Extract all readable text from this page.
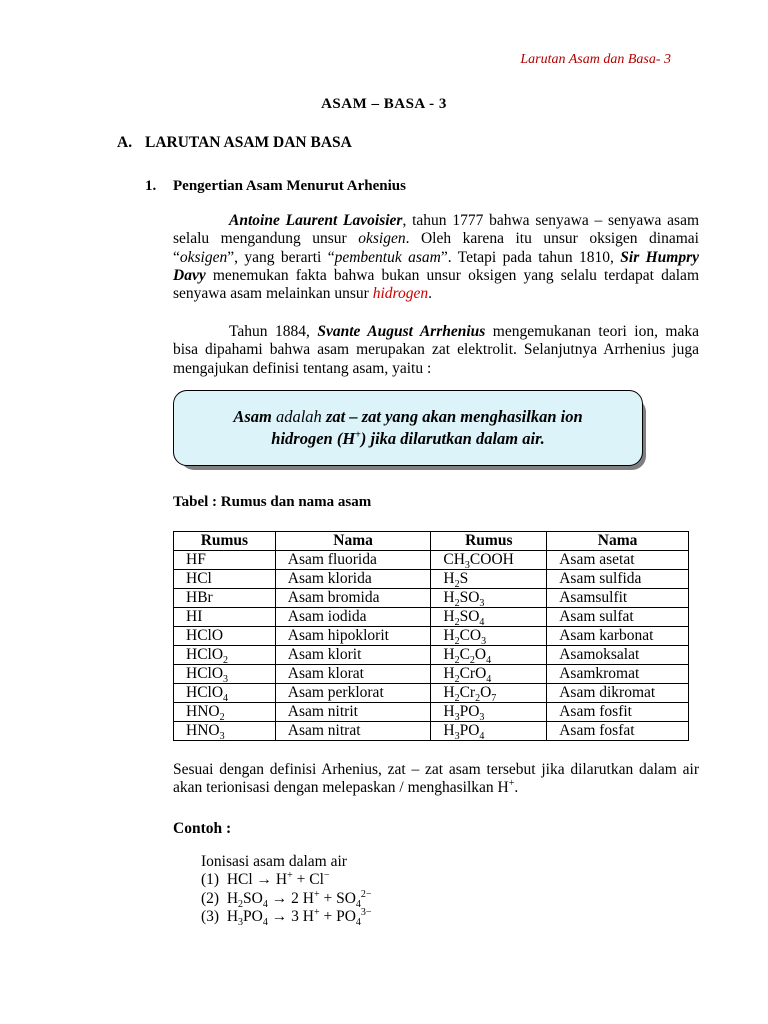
Larutan Asam dan Basa- 3
ASAM – BASA - 3
A. LARUTAN ASAM DAN BASA
1. Pengertian Asam Menurut Arhenius
Antoine Laurent Lavoisier, tahun 1777 bahwa senyawa – senyawa asam selalu mengandung unsur oksigen. Oleh karena itu unsur oksigen dinamai “oksigen”, yang berarti “pembentuk asam”. Tetapi pada tahun 1810, Sir Humpry Davy menemukan fakta bahwa bukan unsur oksigen yang selalu terdapat dalam senyawa asam melainkan unsur hidrogen.
Tahun 1884, Svante August Arrhenius mengemukanan teori ion, maka bisa dipahami bahwa asam merupakan zat elektrolit. Selanjutnya Arrhenius juga mengajukan definisi tentang asam, yaitu :
Asam adalah zat – zat yang akan menghasilkan ion
hidrogen (H+) jika dilarutkan dalam air.
Tabel : Rumus dan nama asam
Rumus	Nama	Rumus	Nama
HF	Asam fluorida	$CH_3COOH$	Asam asetat
HCl	Asam klorida	$H_2S$	Asam sulfida
HBr	Asam bromida	$H_2SO_3$	Asamsulfit
HI	Asam iodida	$H_2SO_4$	Asam sulfat
HClO	Asam hipoklorit	$H_2CO_3$	Asam karbonat
HClO$_2$	Asam klorit	$H_2C_2O_4$	Asamoksalat
HClO$_3$	Asam klorat	$H_2CrO_4$	Asamkromat
HClO$_4$	Asam perklorat	$H_2Cr_2O_7$	Asam dikromat
$HNO_2$	Asam nitrit	$H_3PO_3$	Asam fosfit
$HNO_3$	Asam nitrat	$H_3PO_4$	Asam fosfat
Sesuai dengan definisi Arhenius, zat – zat asam tersebut jika dilarutkan dalam air akan terionisasi dengan melepaskan / menghasilkan H+.
Contoh :
Ionisasi asam dalam air
(1) HCl → H+ + Cl−
(2) $H_2SO_4 \to 2$ $H^+ + SO_4^{2-}$
(3) $H_3PO_4 \to 3$ $H^+ + PO_4^{3-}$
